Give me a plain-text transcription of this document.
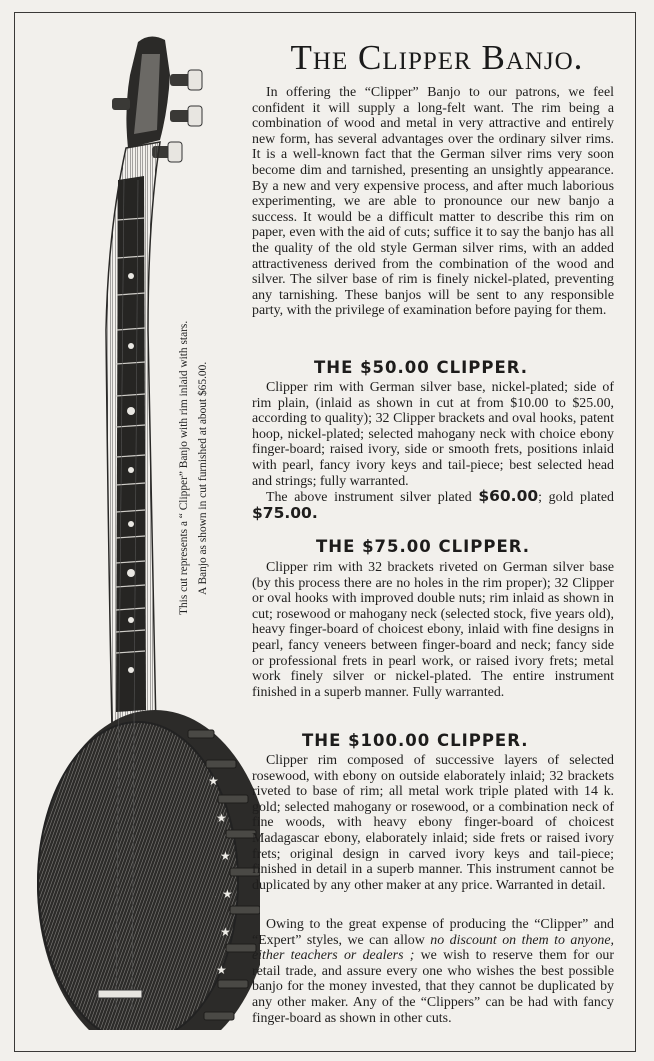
★
★
★
★
★
★
This cut represents a “ Clipper” Banjo with rim inlaid with stars. A Banjo as shown in cut furnished at about $65.00.
The Clipper Banjo.
In offering the “Clipper” Banjo to our patrons, we feel confident it will supply a long-felt want. The rim being a combination of wood and metal in very attractive and entirely new form, has several advantages over the ordinary silver rims. It is a well-known fact that the German silver rims very soon become dim and tarnished, presenting an unsightly appearance. By a new and very expensive process, and after much laborious experimenting, we are able to pronounce our new banjo a success. It would be a difficult matter to describe this rim on paper, even with the aid of cuts; suffice it to say the banjo has all the quality of the old style German silver rims, with an added attractiveness derived from the combination of the wood and silver. The silver base of rim is finely nickel-plated, preventing any tarnishing. These banjos will be sent to any responsible party, with the privilege of examination before paying for them.
THE $50.00 CLIPPER.
Clipper rim with German silver base, nickel-plated; side of rim plain, (inlaid as shown in cut at from $10.00 to $25.00, according to quality); 32 Clipper brackets and oval hooks, patent hoop, nickel-plated; selected mahogany neck with choice ebony finger-board; raised ivory, side or smooth frets, positions inlaid with pearl, fancy ivory keys and tail-piece; best selected head and strings; fully warranted.
The above instrument silver plated $60.00; gold plated $75.00.
THE $75.00 CLIPPER.
Clipper rim with 32 brackets riveted on German silver base (by this process there are no holes in the rim proper); 32 Clipper or oval hooks with improved double nuts; rim inlaid as shown in cut; rosewood or mahogany neck (selected stock, five years old), heavy finger-board of choicest ebony, inlaid with fine designs in pearl, fancy veneers between finger-board and neck; fancy side or professional frets in pearl work, or raised ivory frets; metal work finely silver or nickel-plated. The entire instrument finished in a superb manner. Fully warranted.
THE $100.00 CLIPPER.
Clipper rim composed of successive layers of selected rosewood, with ebony on outside elaborately inlaid; 32 brackets riveted to base of rim; all metal work triple plated with 14 k. gold; selected mahogany or rosewood, or a combination neck of fine woods, with heavy ebony finger-board of choicest Madagascar ebony, elaborately inlaid; side frets or raised ivory frets; original design in carved ivory keys and tail-piece; finished in detail in a superb manner. This instrument cannot be duplicated by any other maker at any price. Warranted in detail.
Owing to the great expense of producing the “Clipper” and “Expert” styles, we can allow no discount on them to anyone, either teachers or dealers ; we wish to reserve them for our retail trade, and assure every one who wishes the best possible banjo for the money invested, that they cannot be duplicated by any other maker. Any of the “Clippers” can be had with fancy finger-board as shown in other cuts.
